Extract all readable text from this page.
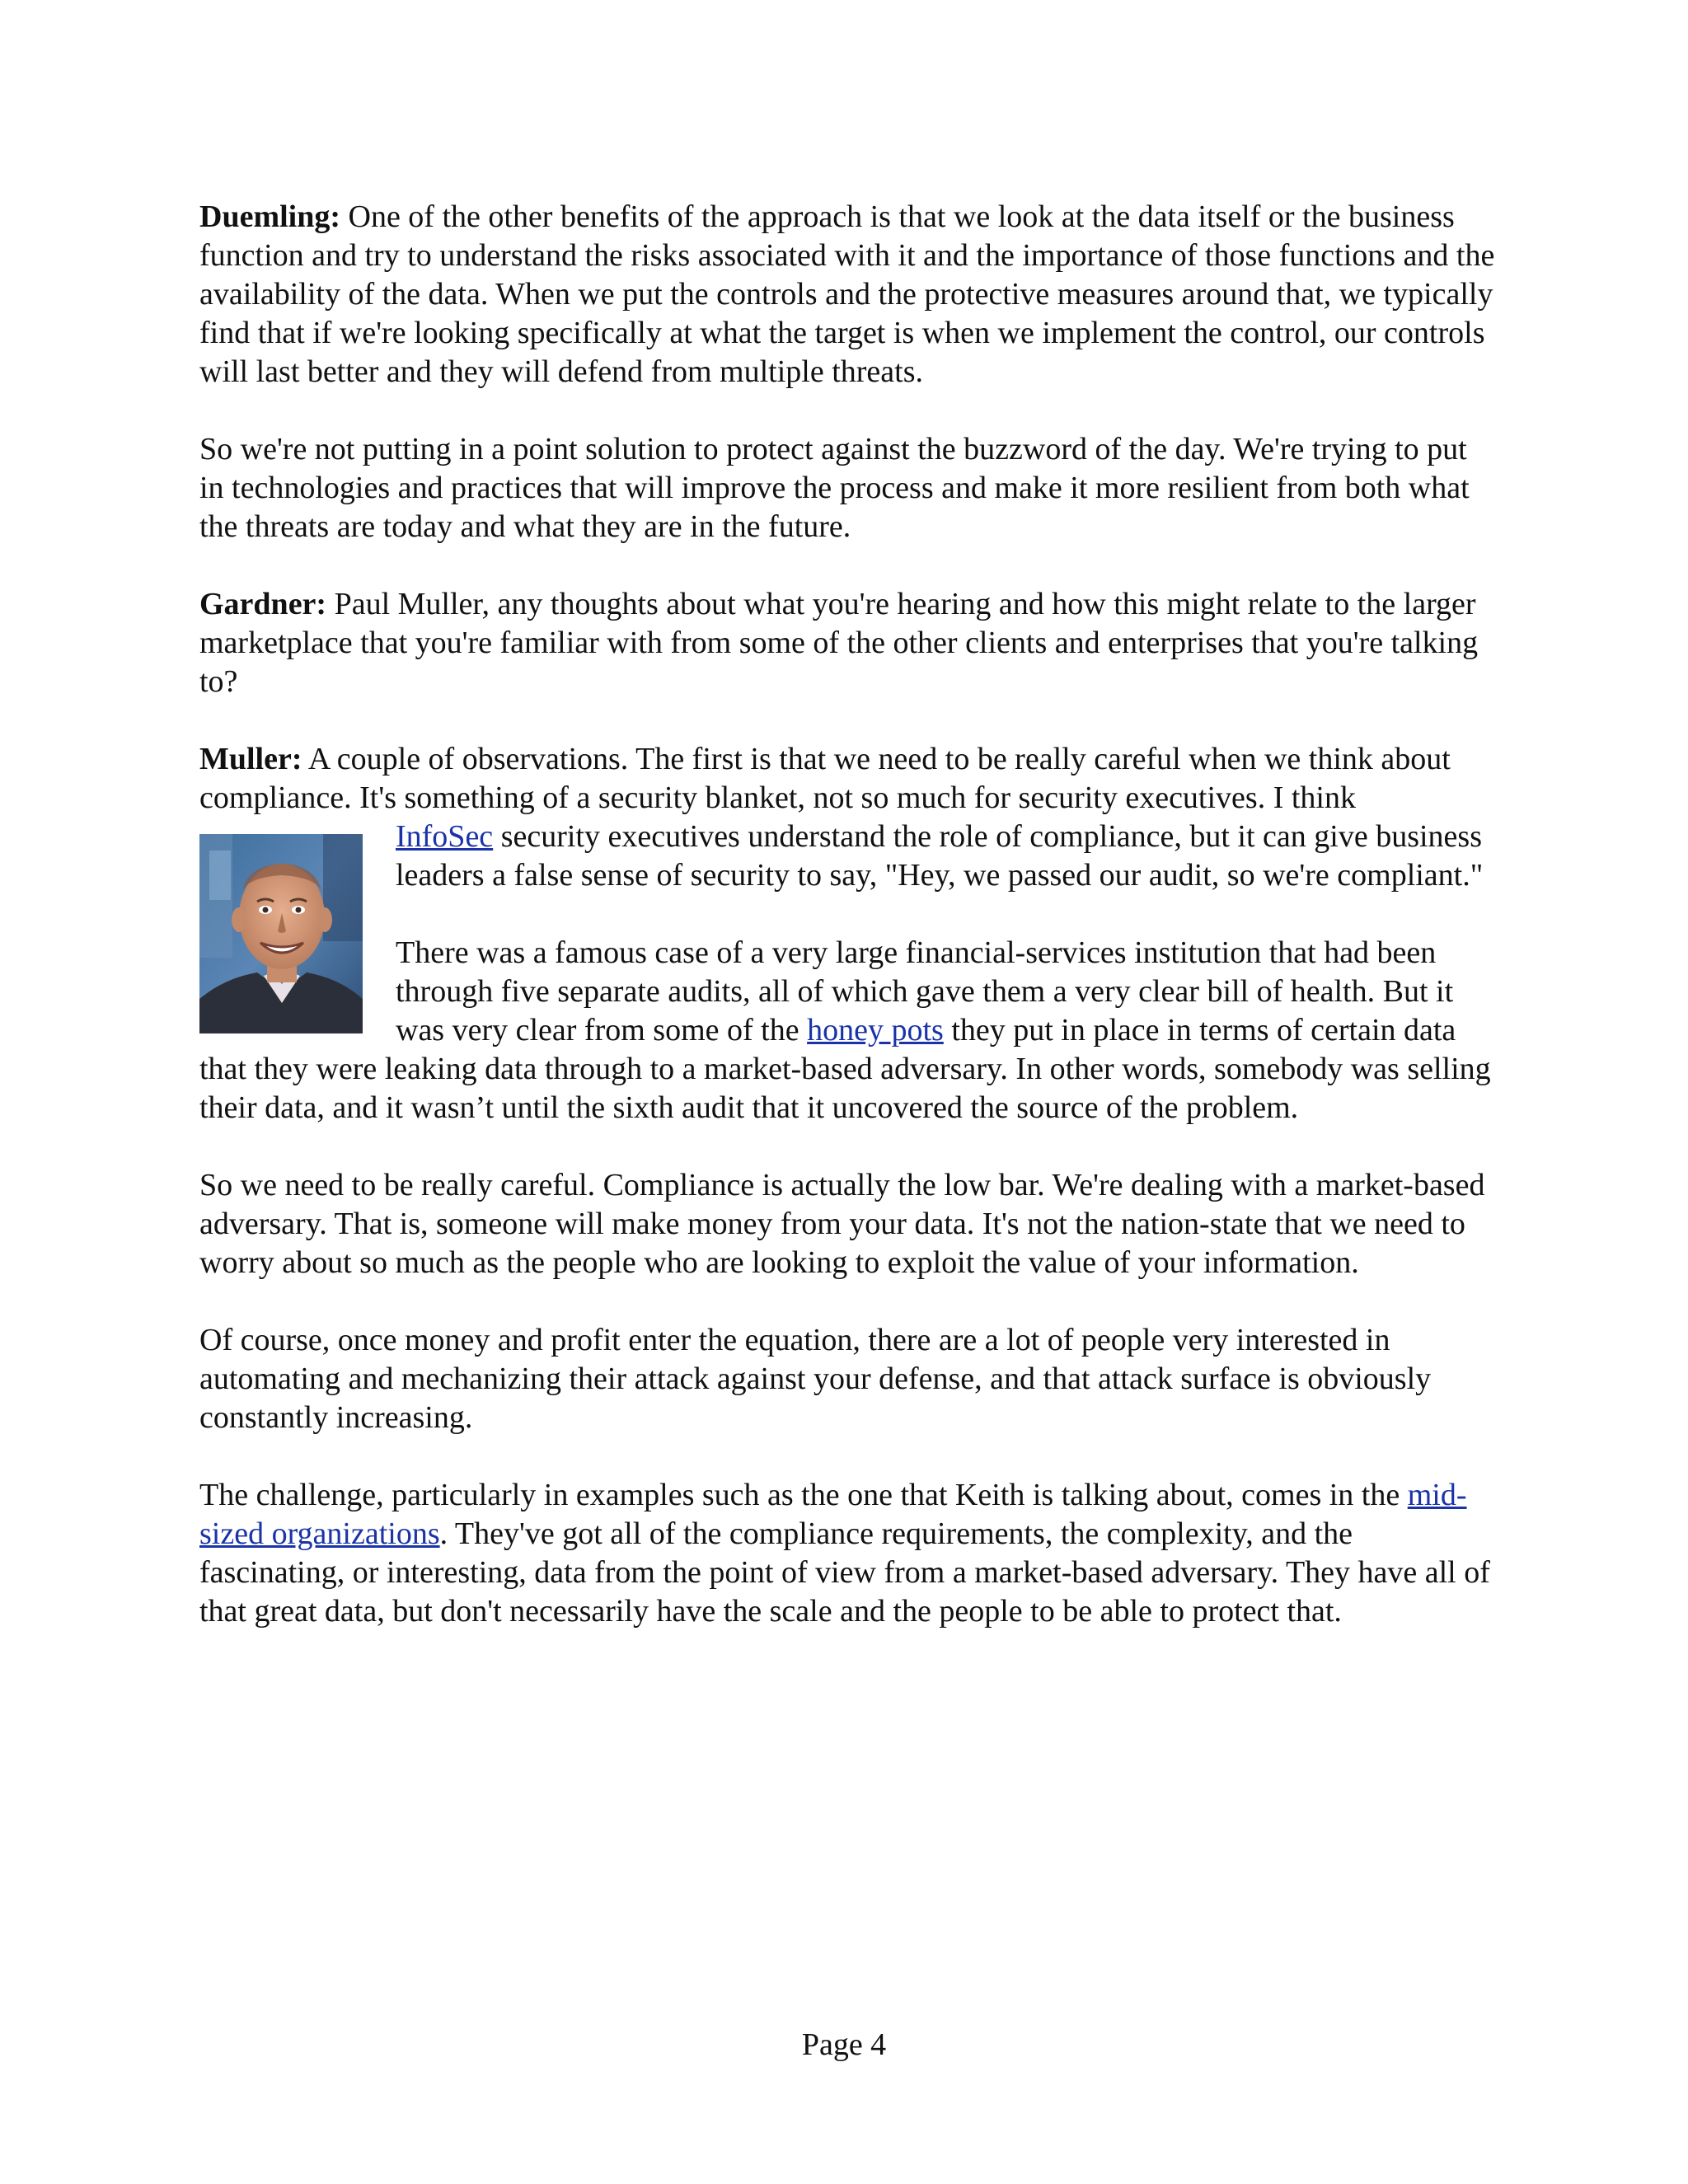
Duemling: One of the other benefits of the approach is that we look at the data itself or the business function and try to understand the risks associated with it and the importance of those functions and the availability of the data. When we put the controls and the protective measures around that, we typically find that if we're looking specifically at what the target is when we implement the control, our controls will last better and they will defend from multiple threats.

So we're not putting in a point solution to protect against the buzzword of the day. We're trying to put in technologies and practices that will improve the process and make it more resilient from both what the threats are today and what they are in the future.

Gardner: Paul Muller, any thoughts about what you're hearing and how this might relate to the larger marketplace that you're familiar with from some of the other clients and enterprises that you're talking to?

Muller: A couple of observations. The first is that we need to be really careful when we think about compliance. It's something of a security blanket, not so much for security executives. I think

InfoSec security executives understand the role of compliance, but it can give business leaders a false sense of security to say, "Hey, we passed our audit, so we're compliant."

There was a famous case of a very large financial-services institution that had been through five separate audits, all of which gave them a very clear bill of health. But it was very clear from some of the honey pots they put in place in terms of certain data that they were leaking data through to a market-based adversary. In other words, somebody was selling their data, and it wasn’t until the sixth audit that it uncovered the source of the problem.

So we need to be really careful. Compliance is actually the low bar. We're dealing with a market-based adversary. That is, someone will make money from your data. It's not the nation-state that we need to worry about so much as the people who are looking to exploit the value of your information.

Of course, once money and profit enter the equation, there are a lot of people very interested in automating and mechanizing their attack against your defense, and that attack surface is obviously constantly increasing.

The challenge, particularly in examples such as the one that Keith is talking about, comes in the mid-sized organizations. They've got all of the compliance requirements, the complexity, and the fascinating, or interesting, data from the point of view from a market-based adversary. They have all of that great data, but don't necessarily have the scale and the people to be able to protect that.

Page 4
